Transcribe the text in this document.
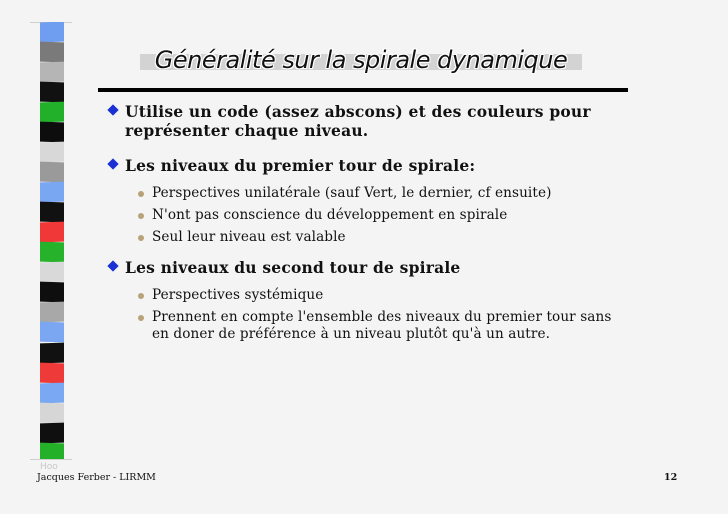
Généralité sur la spirale dynamique
Utilise un code (assez abscons) et des couleurs pour représenter chaque niveau.
Les niveaux du premier tour de spirale:
Perspectives unilatérale (sauf Vert, le dernier, cf ensuite)
N'ont pas conscience du développement en spirale
Seul leur niveau est valable
Les niveaux du second tour de spirale
Perspectives systémique
Prennent en compte l'ensemble des niveaux du premier tour sans en doner de préférence à un niveau plutôt qu'à un autre.
Hoo
Jacques Ferber - LIRMM	12
